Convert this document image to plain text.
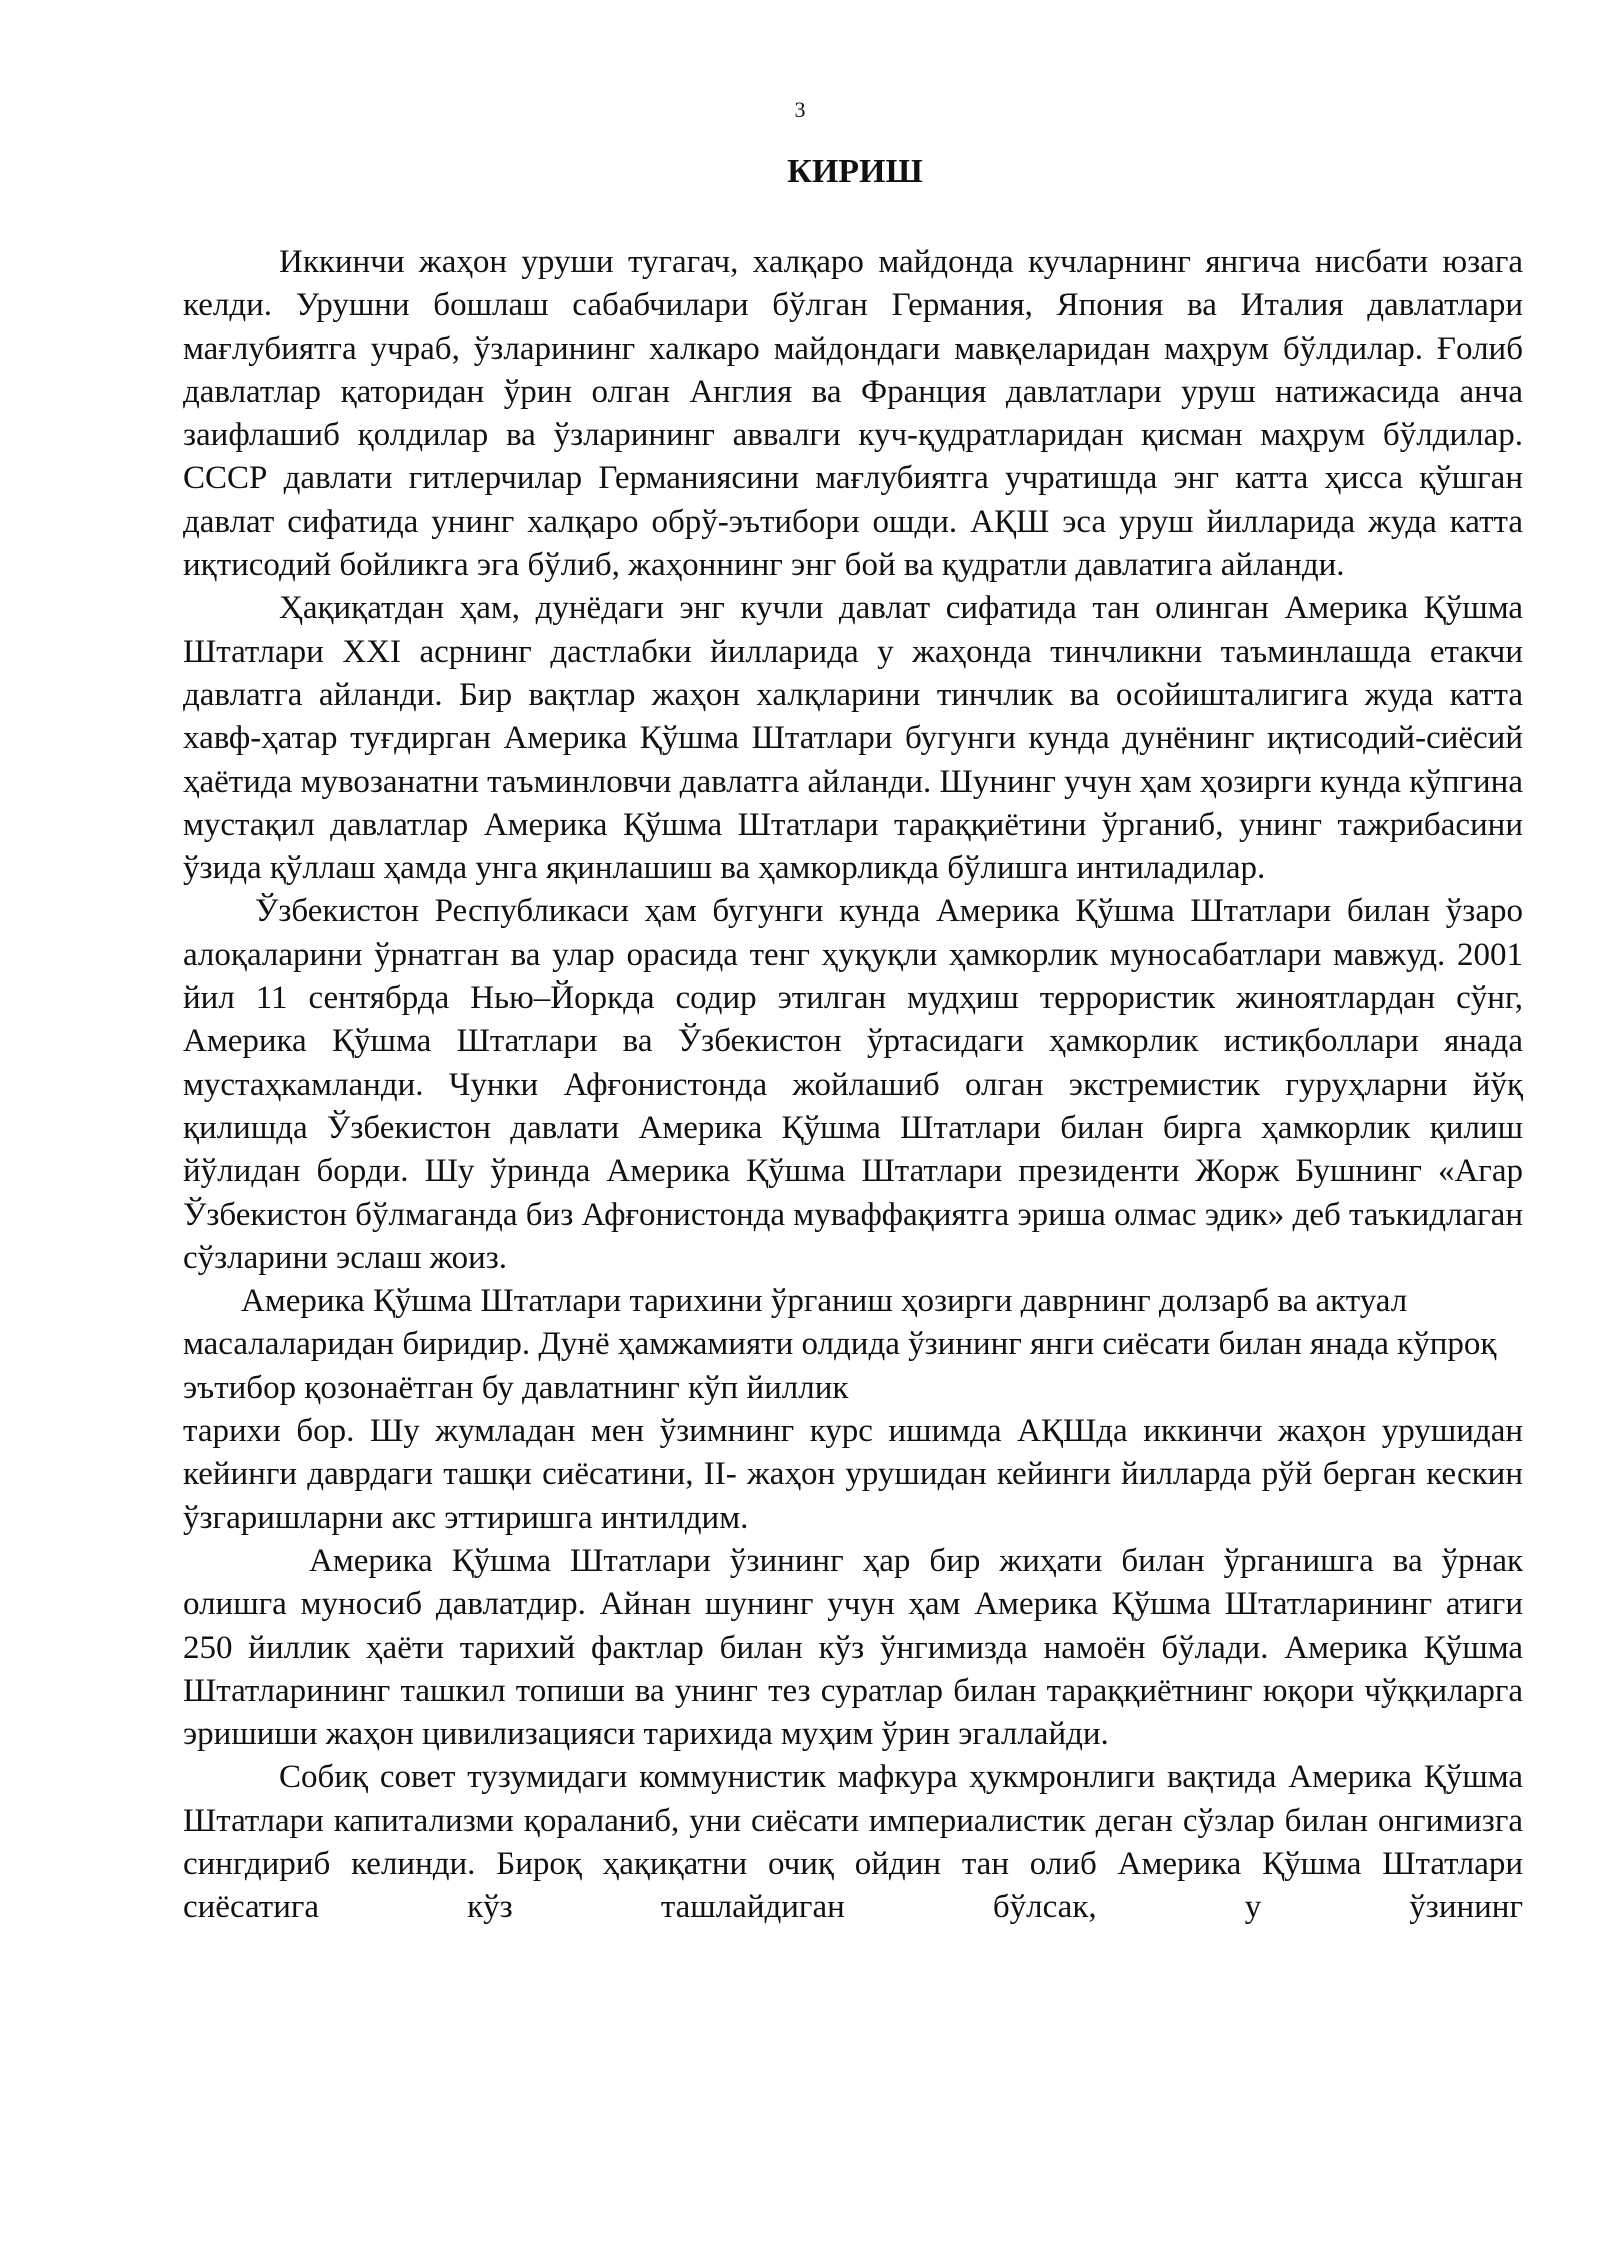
3
КИРИШ

Иккинчи жаҳон уруши тугагач, халқаро майдонда кучларнинг янгича нисбати юзага келди. Урушни бошлаш сабабчилари бўлган Германия, Япония ва Италия давлатлари мағлубиятга учраб, ўзларининг халкаро майдондаги мавқеларидан маҳрум бўлдилар. Ғолиб давлатлар қаторидан ўрин олган Англия ва Франция давлатлари уруш натижасида анча заифлашиб қолдилар ва ўзларининг аввалги куч-қудратларидан қисман маҳрум бўлдилар. СССР давлати гитлерчилар Германиясини мағлубиятга учратишда энг катта ҳисса қўшган давлат сифатида унинг халқаро обрў-эътибори ошди. АҚШ эса уруш йилларида жуда катта иқтисодий бойликга эга бўлиб, жаҳоннинг энг бой ва қудратли давлатига айланди.

Ҳақиқатдан ҳам, дунёдаги энг кучли давлат сифатида тан олинган Америка Қўшма Штатлари XXI асрнинг дастлабки йилларида у жаҳонда тинчликни таъминлашда етакчи давлатга айланди. Бир вақтлар жаҳон халқларини тинчлик ва осойишталигига жуда катта хавф-ҳатар туғдирган Америка Қўшма Штатлари бугунги кунда дунёнинг иқтисодий-сиёсий ҳаётида мувозанатни таъминловчи давлатга айланди. Шунинг учун ҳам ҳозирги кунда кўпгина мустақил давлатлар Америка Қўшма Штатлари тараққиётини ўрганиб, унинг тажрибасини ўзида қўллаш ҳамда унга яқинлашиш ва ҳамкорликда бўлишга интиладилар.

Ўзбекистон Республикаси ҳам бугунги кунда Америка Қўшма Штатлари билан ўзаро алоқаларини ўрнатган ва улар орасида тенг ҳуқуқли ҳамкорлик муносабатлари мавжуд. 2001 йил 11 сентябрда Нью–Йоркда содир этилган мудҳиш террористик жиноятлардан сўнг, Америка Қўшма Штатлари ва Ўзбекистон ўртасидаги ҳамкорлик истиқболлари янада мустаҳкамланди. Чунки Афғонистонда жойлашиб олган экстремистик гуруҳларни йўқ қилишда Ўзбекистон давлати Америка Қўшма Штатлари билан бирга ҳамкорлик қилиш йўлидан борди. Шу ўринда Америка Қўшма Штатлари президенти Жорж Бушнинг «Агар Ўзбекистон бўлмаганда биз Афғонистонда муваффақиятга эриша олмас эдик» деб таъкидлаган сўзларини эслаш жоиз.

Америка Қўшма Штатлари тарихини ўрганиш ҳозирги даврнинг долзарб ва актуал масалаларидан биридир. Дунё ҳамжамияти олдида ўзининг янги сиёсати билан янада кўпроқ эътибор қозонаётган бу давлатнинг кўп йиллик

тарихи бор. Шу жумладан мен ўзимнинг курс ишимда АҚШда иккинчи жаҳон урушидан кейинги даврдаги ташқи сиёсатини, II- жаҳон урушидан кейинги йилларда рўй берган кескин ўзгаришларни акс эттиришга интилдим.

Америка Қўшма Штатлари ўзининг ҳар бир жиҳати билан ўрганишга ва ўрнак олишга муносиб давлатдир. Айнан шунинг учун ҳам Америка Қўшма Штатларининг атиги 250 йиллик ҳаёти тарихий фактлар билан кўз ўнгимизда намоён бўлади. Америка Қўшма Штатларининг ташкил топиши ва унинг тез суратлар билан тараққиётнинг юқори чўққиларга эришиши жаҳон цивилизацияси тарихида муҳим ўрин эгаллайди.

Собиқ совет тузумидаги коммунистик мафкура ҳукмронлиги вақтида Америка Қўшма Штатлари капитализми қораланиб, уни сиёсати империалистик деган сўзлар билан онгимизга сингдириб келинди. Бироқ ҳақиқатни очиқ ойдин тан олиб Америка Қўшма Штатлари сиёсатига кўз ташлайдиган бўлсак, у ўзининг
